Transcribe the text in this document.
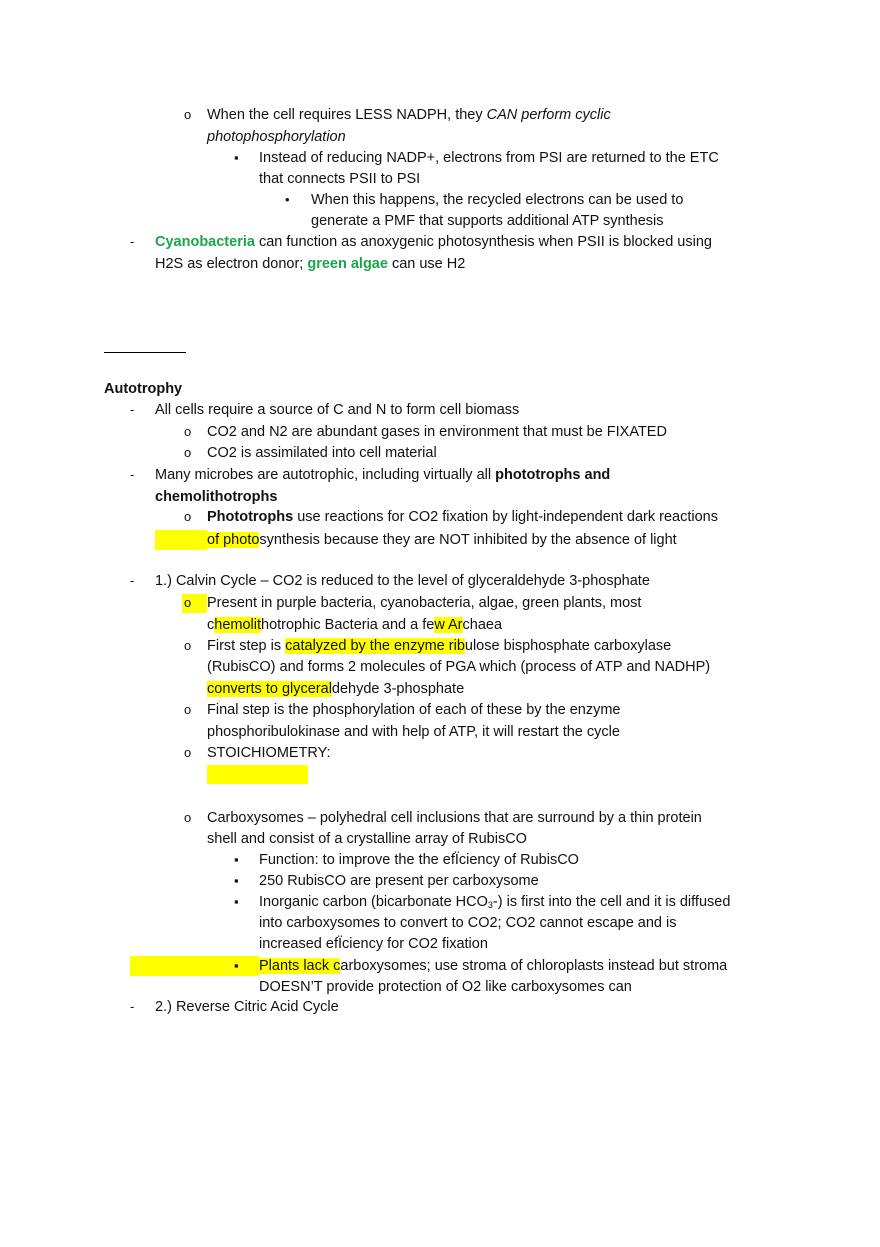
o When the cell requires LESS NADPH, they CAN perform cyclic
photophosphorylation
▪ Instead of reducing NADP+, electrons from PSI are returned to the ETC
that connects PSII to PSI
• When this happens, the recycled electrons can be used to
generate a PMF that supports additional ATP synthesis
- Cyanobacteria can function as anoxygenic photosynthesis when PSII is blocked using
H2S as electron donor; green algae can use H2
Autotrophy
- All cells require a source of C and N to form cell biomass
o CO2 and N2 are abundant gases in environment that must be FIXATED
o CO2 is assimilated into cell material
- Many microbes are autotrophic, including virtually all phototrophs and
chemolithotrophs
o Phototrophs use reactions for CO2 fixation by light-independent dark reactions
of photosynthesis because they are NOT inhibited by the absence of light
- 1.) Calvin Cycle – CO2 is reduced to the level of glyceraldehyde 3-phosphate
o Present in purple bacteria, cyanobacteria, algae, green plants, most
chemolithotrophic Bacteria and a few Archaea
o First step is catalyzed by the enzyme ribulose bisphosphate carboxylase
(RubisCO) and forms 2 molecules of PGA which (process of ATP and NADHP)
converts to glyceraldehyde 3-phosphate
o Final step is the phosphorylation of each of these by the enzyme
phosphoribulokinase and with help of ATP, it will restart the cycle
o STOICHIOMETRY:
o Carboxysomes – polyhedral cell inclusions that are surround by a thin protein
shell and consist of a crystalline array of RubisCO
▪ Function: to improve the the efÏciency of RubisCO
▪ 250 RubisCO are present per carboxysome
▪ Inorganic carbon (bicarbonate $HCO_3-$) is first into the cell and it is diffused
into carboxysomes to convert to CO2; CO2 cannot escape and is
increased efÏciency for CO2 fixation
▪ Plants lack carboxysomes; use stroma of chloroplasts instead but stroma
DOESN’T provide protection of O2 like carboxysomes can
- 2.) Reverse Citric Acid Cycle
